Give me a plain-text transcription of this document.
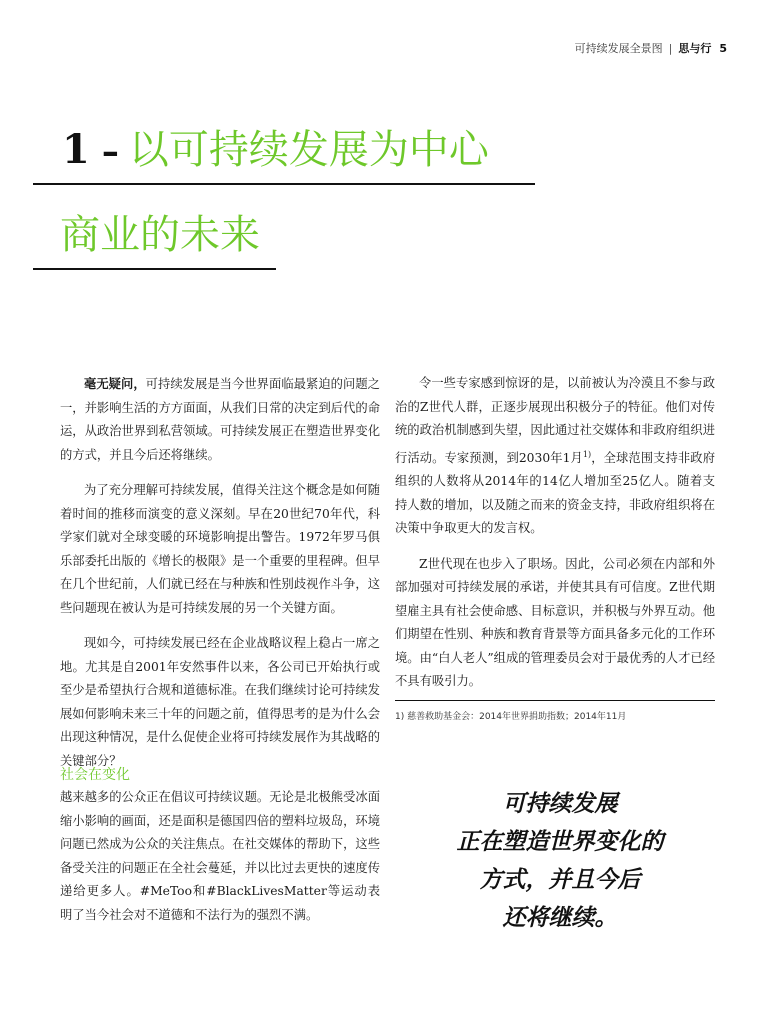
可持续发展全景图 | 思与行 5
1 – 以可持续发展为中心
商业的未来

毫无疑问，可持续发展是当今世界面临最紧迫的问题之一，并影响生活的方方面面，从我们日常的决定到后代的命运，从政治世界到私营领域。可持续发展正在塑造世界变化的方式，并且今后还将继续。

为了充分理解可持续发展，值得关注这个概念是如何随着时间的推移而演变的意义深刻。早在20世纪70年代，科学家们就对全球变暖的环境影响提出警告。1972年罗马俱乐部委托出版的《增长的极限》是一个重要的里程碑。但早在几个世纪前，人们就已经在与种族和性别歧视作斗争，这些问题现在被认为是可持续发展的另一个关键方面。

现如今，可持续发展已经在企业战略议程上稳占一席之地。尤其是自2001年安然事件以来，各公司已开始执行或至少是希望执行合规和道德标准。在我们继续讨论可持续发展如何影响未来三十年的问题之前，值得思考的是为什么会出现这种情况，是什么促使企业将可持续发展作为其战略的关键部分？

社会在变化

越来越多的公众正在倡议可持续议题。无论是北极熊受冰面缩小影响的画面，还是面积是德国四倍的塑料垃圾岛，环境问题已然成为公众的关注焦点。在社交媒体的帮助下，这些备受关注的问题正在全社会蔓延，并以比过去更快的速度传递给更多人。#MeToo和#BlackLivesMatter等运动表明了当今社会对不道德和不法行为的强烈不满。

令一些专家感到惊讶的是，以前被认为冷漠且不参与政治的Z世代人群，正逐步展现出积极分子的特征。他们对传统的政治机制感到失望，因此通过社交媒体和非政府组织进行活动。专家预测，到2030年1月$^{1)}$，全球范围支持非政府组织的人数将从2014年的14亿人增加至25亿人。随着支持人数的增加，以及随之而来的资金支持，非政府组织将在决策中争取更大的发言权。

Z世代现在也步入了职场。因此，公司必须在内部和外部加强对可持续发展的承诺，并使其具有可信度。Z世代期望雇主具有社会使命感、目标意识，并积极与外界互动。他们期望在性别、种族和教育背景等方面具备多元化的工作环境。由“白人老人”组成的管理委员会对于最优秀的人才已经不具有吸引力。

1) 慈善救助基金会：2014年世界捐助指数；2014年11月
可持续发展
正在塑造世界变化的
方式，并且今后
还将继续。
